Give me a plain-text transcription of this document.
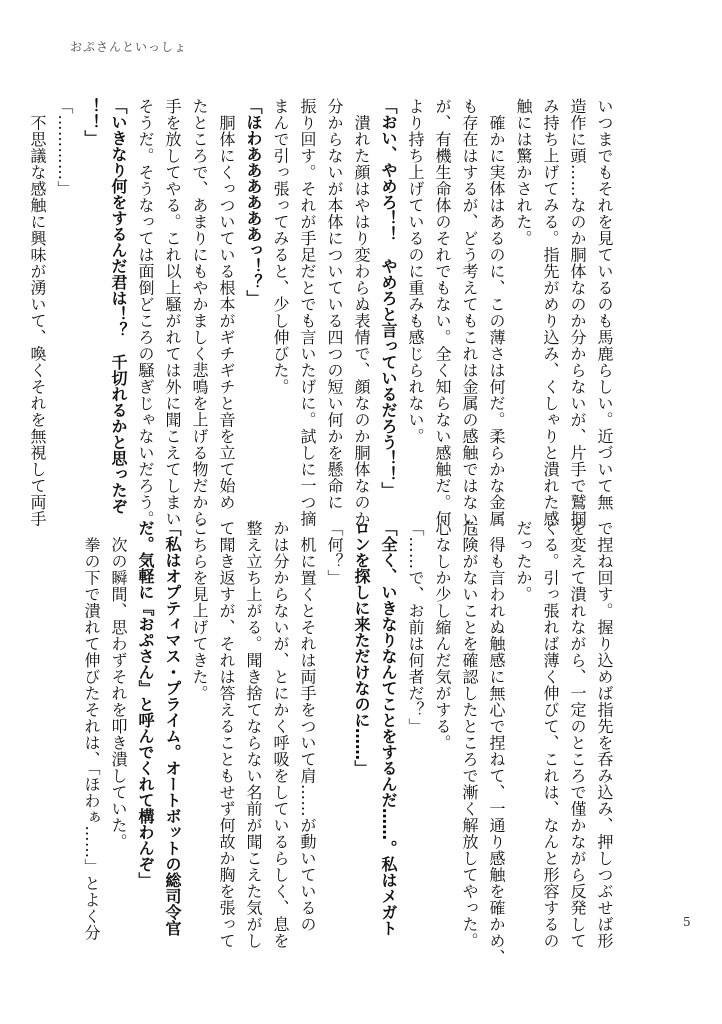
おぷさんといっしょ
いつまでもそれを見ているのも馬鹿らしい。近づいて無
造作に頭……なのか胴体なのか分からないが、片手で鷲掴
み持ち上げてみる。指先がめり込み、くしゃりと潰れた感
触には驚かされた。
　確かに実体はあるのに、この薄さは何だ。柔らかな金属
も存在はするが、どう考えてもこれは金属の感触ではない。
が、有機生命体のそれでもない。全く知らない感触だ。何
より持ち上げているのに重みも感じられない。
「おい、やめろ！！　やめろと言っているだろう！！」
　潰れた顔はやはり変わらぬ表情で、顔なのか胴体なのか
分からないが本体についている四つの短い何かを懸命に
振り回す。それが手足だとでも言いたげに。試しに一つ摘
まんで引っ張ってみると、少し伸びた。
「ほわああああああっ！？」
　胴体にくっついている根本がギチギチと音を立て始め
たところで、あまりにもやかましく悲鳴を上げる物だから
手を放してやる。これ以上騒がれては外に聞こえてしまい
そうだ。そうなっては面倒どころの騒ぎじゃないだろう。
「いきなり何をするんだ君は！？　千切れるかと思ったぞ
！！」
「…………」
　不思議な感触に興味が湧いて、喚くそれを無視して両手
で捏ね回す。握り込めば指先を呑み込み、押しつぶせば形
を変えて潰れながら、一定のところで僅かながら反発して
くる。引っ張れば薄く伸びて、これは、なんと形容するの
だったか。
　得も言われぬ触感に無心で捏ねて、一通り感触を確かめ、
危険がないことを確認したところで漸く解放してやった。
心なしか少し縮んだ気がする。
「……で、お前は何者だ？」
「全く、いきなりなんてことをするんだ……。私はメガト
ロンを探しに来ただけなのに……」
「何？」
　机に置くとそれは両手をついて肩……が動いているの
かは分からないが、とにかく呼吸をしているらしく、息を
整え立ち上がる。聞き捨てならない名前が聞こえた気がし
て聞き返すが、それは答えることもせず何故か胸を張って
こちらを見上げてきた。
「私はオプティマス・プライム。オートボットの総司令官
だ。気軽に『おぷさん』と呼んでくれて構わんぞ」
　次の瞬間、思わずそれを叩き潰していた。
　拳の下で潰れて伸びたそれは、「ほわぁ……」とよく分	5
